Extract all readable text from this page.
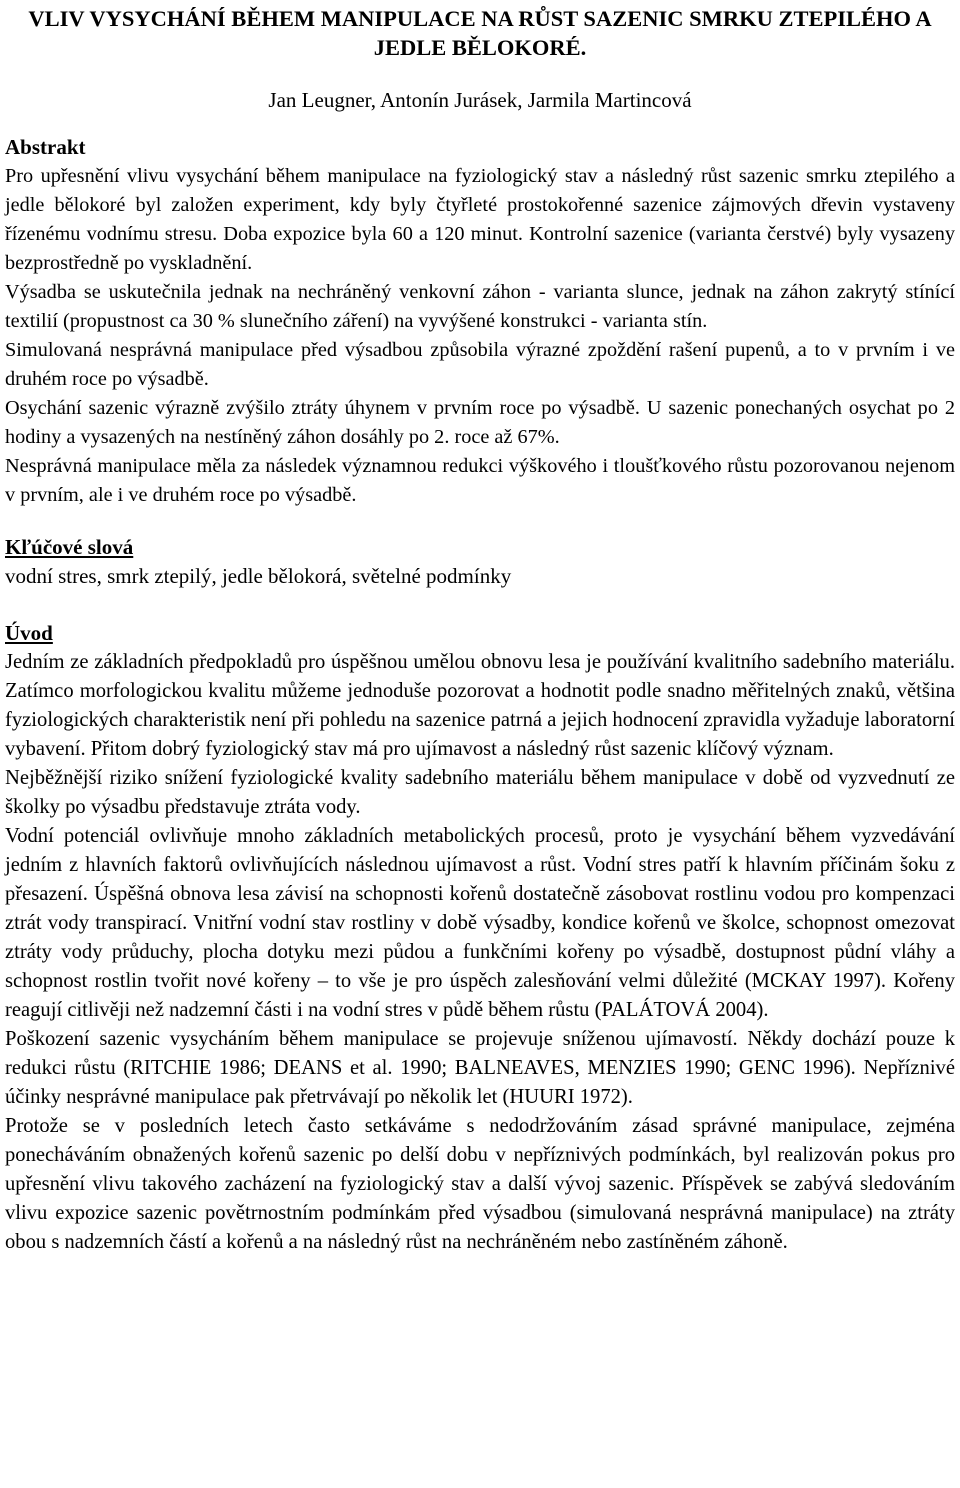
VLIV VYSYCHÁNÍ BĚHEM MANIPULACE NA RŮST SAZENIC SMRKU ZTEPILÉHO A JEDLE BĚLOKORÉ.

Jan Leugner, Antonín Jurásek, Jarmila Martincová

Abstrakt

Pro upřesnění vlivu vysychání během manipulace na fyziologický stav a následný růst sazenic smrku ztepilého a jedle bělokoré byl založen experiment, kdy byly čtyřleté prostokořenné sazenice zájmových dřevin vystaveny řízenému vodnímu stresu. Doba expozice byla 60 a 120 minut. Kontrolní sazenice (varianta čerstvé) byly vysazeny bezprostředně po vyskladnění.

Výsadba se uskutečnila jednak na nechráněný venkovní záhon - varianta slunce, jednak na záhon zakrytý stínící textilií (propustnost ca 30 % slunečního záření) na vyvýšené konstrukci - varianta stín.

Simulovaná nesprávná manipulace před výsadbou způsobila výrazné zpoždění rašení pupenů, a to v prvním i ve druhém roce po výsadbě.

Osychání sazenic výrazně zvýšilo ztráty úhynem v prvním roce po výsadbě. U sazenic ponechaných osychat po 2 hodiny a vysazených na nestíněný záhon dosáhly po 2. roce až 67%.

Nesprávná manipulace měla za následek významnou redukci výškového i tloušťkového růstu pozorovanou nejenom v prvním, ale i ve druhém roce po výsadbě.

Kľúčové slová

vodní stres, smrk ztepilý, jedle bělokorá, světelné podmínky

Úvod

Jedním ze základních předpokladů pro úspěšnou umělou obnovu lesa je používání kvalitního sadebního materiálu. Zatímco morfologickou kvalitu můžeme jednoduše pozorovat a hodnotit podle snadno měřitelných znaků, většina fyziologických charakteristik není při pohledu na sazenice patrná a jejich hodnocení zpravidla vyžaduje laboratorní vybavení. Přitom dobrý fyziologický stav má pro ujímavost a následný růst sazenic klíčový význam.

Nejběžnější riziko snížení fyziologické kvality sadebního materiálu během manipulace v době od vyzvednutí ze školky po výsadbu představuje ztráta vody.

Vodní potenciál ovlivňuje mnoho základních metabolických procesů, proto je vysychání během vyzvedávání jedním z hlavních faktorů ovlivňujících následnou ujímavost a růst. Vodní stres patří k hlavním příčinám šoku z přesazení. Úspěšná obnova lesa závisí na schopnosti kořenů dostatečně zásobovat rostlinu vodou pro kompenzaci ztrát vody transpirací. Vnitřní vodní stav rostliny v době výsadby, kondice kořenů ve školce, schopnost omezovat ztráty vody průduchy, plocha dotyku mezi půdou a funkčními kořeny po výsadbě, dostupnost půdní vláhy a schopnost rostlin tvořit nové kořeny – to vše je pro úspěch zalesňování velmi důležité (MCKAY 1997). Kořeny reagují citlivěji než nadzemní části i na vodní stres v půdě během růstu (PALÁTOVÁ 2004).

Poškození sazenic vysycháním během manipulace se projevuje sníženou ujímavostí. Někdy dochází pouze k redukci růstu (RITCHIE 1986; DEANS et al. 1990; BALNEAVES, MENZIES 1990; GENC 1996). Nepříznivé účinky nesprávné manipulace pak přetrvávají po několik let (HUURI 1972).

Protože se v posledních letech často setkáváme s nedodržováním zásad správné manipulace, zejména ponecháváním obnažených kořenů sazenic po delší dobu v nepříznivých podmínkách, byl realizován pokus pro upřesnění vlivu takového zacházení na fyziologický stav a další vývoj sazenic. Příspěvek se zabývá sledováním vlivu expozice sazenic povětrnostním podmínkám před výsadbou (simulovaná nesprávná manipulace) na ztráty obou s nadzemních částí a kořenů a na následný růst na nechráněném nebo zastíněném záhoně.
